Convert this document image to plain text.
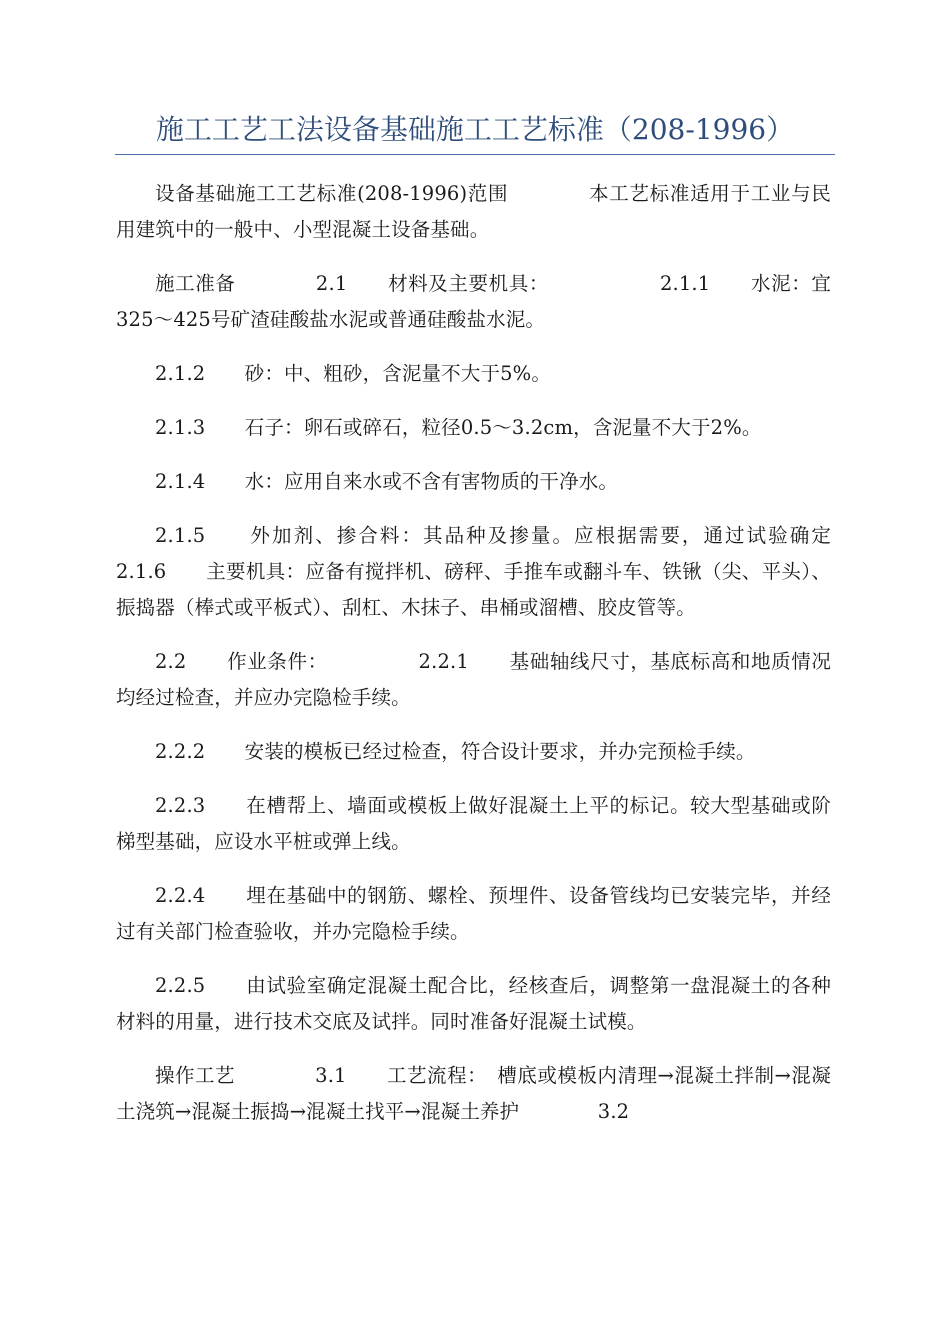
施工工艺工法设备基础施工工艺标准（208-1996）

设备基础施工工艺标准(208-1996)范围　　　　本工艺标准适用于工业与民用建筑中的一般中、小型混凝土设备基础。

施工准备　　　　2.1　　材料及主要机具：　　　　　　2.1.1　　水泥：宜325～425号矿渣硅酸盐水泥或普通硅酸盐水泥。

2.1.2　　砂：中、粗砂，含泥量不大于5%。

2.1.3　　石子：卵石或碎石，粒径0.5～3.2cm，含泥量不大于2%。

2.1.4　　水：应用自来水或不含有害物质的干净水。

2.1.5　　外加剂、掺合料：其品种及掺量。应根据需要，通过试验确定　　　　2.1.6　　主要机具：应备有搅拌机、磅秤、手推车或翻斗车、铁锹（尖、平头）、振捣器（棒式或平板式）、刮杠、木抹子、串桶或溜槽、胶皮管等。

2.2　　作业条件：　　　　　2.2.1　　基础轴线尺寸，基底标高和地质情况均经过检查，并应办完隐检手续。

2.2.2　　安装的模板已经过检查，符合设计要求，并办完预检手续。

2.2.3　　在槽帮上、墙面或模板上做好混凝土上平的标记。较大型基础或阶梯型基础，应设水平桩或弹上线。

2.2.4　　埋在基础中的钢筋、螺栓、预埋件、设备管线均已安装完毕，并经过有关部门检查验收，并办完隐检手续。

2.2.5　　由试验室确定混凝土配合比，经核查后，调整第一盘混凝土的各种材料的用量，进行技术交底及试拌。同时准备好混凝土试模。

操作工艺　　　　3.1　　工艺流程：　槽底或模板内清理→混凝土拌制→混凝土浇筑→混凝土振捣→混凝土找平→混凝土养护　　　　3.2
